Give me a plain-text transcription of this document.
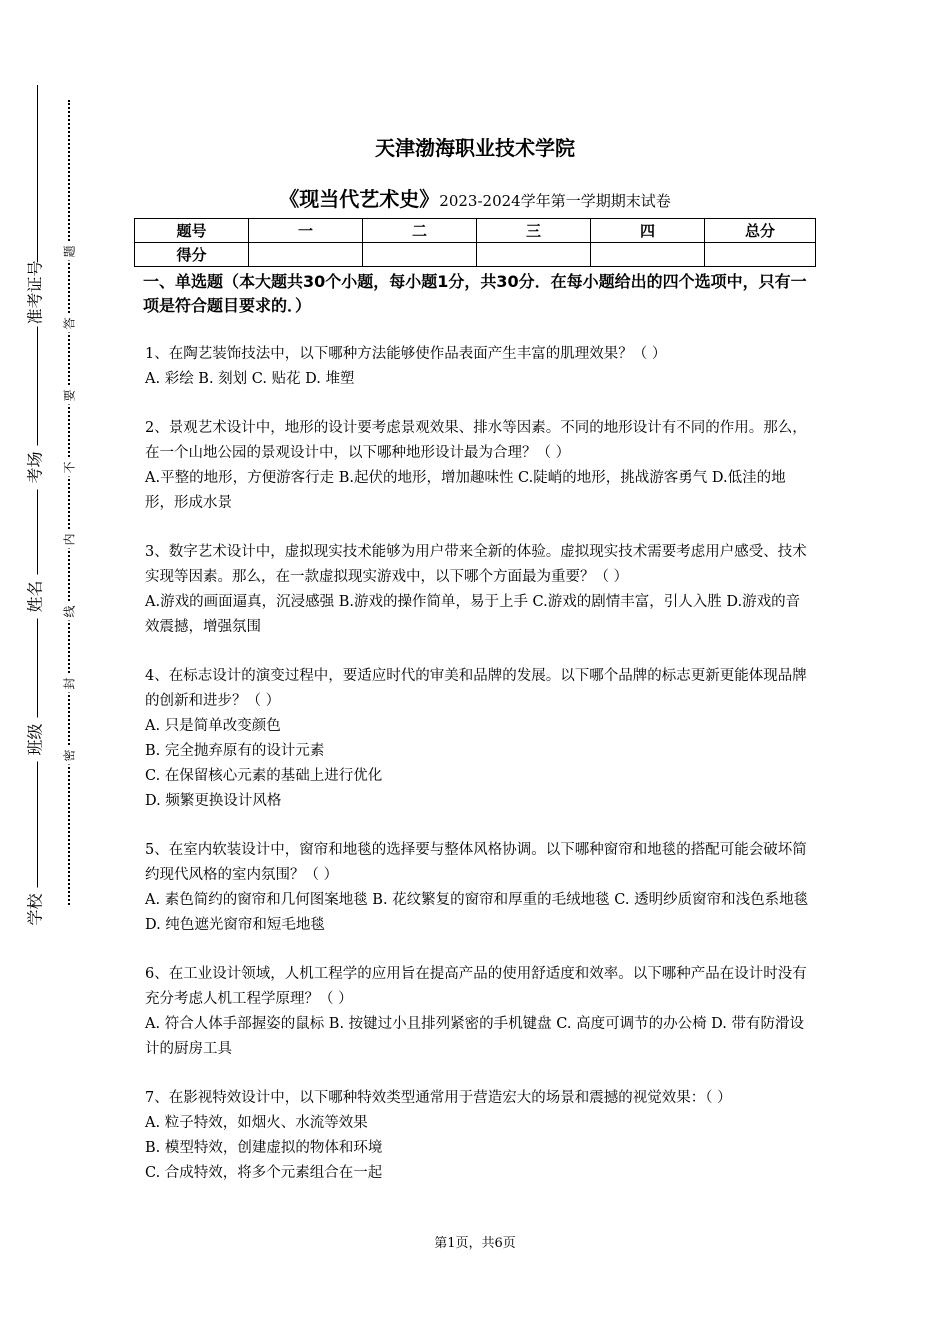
学校
班级
姓名
考场
准考证号
题
答
要
不
内
线
封
密
天津渤海职业技术学院
《现当代艺术史》2023-2024学年第一学期期末试卷
题号	一	二	三	四	总分
得分					
一、单选题（本大题共30个小题，每小题1分，共30分．在每小题给出的四个选项中，只有一项是符合题目要求的．）

1、在陶艺装饰技法中，以下哪种方法能够使作品表面产生丰富的肌理效果？（ ）

A. 彩绘 B. 刻划 C. 贴花 D. 堆塑

2、景观艺术设计中，地形的设计要考虑景观效果、排水等因素。不同的地形设计有不同的作用。那么，在一个山地公园的景观设计中，以下哪种地形设计最为合理？（ ）

A.平整的地形，方便游客行走 B.起伏的地形，增加趣味性 C.陡峭的地形，挑战游客勇气 D.低洼的地形，形成水景

3、数字艺术设计中，虚拟现实技术能够为用户带来全新的体验。虚拟现实技术需要考虑用户感受、技术实现等因素。那么，在一款虚拟现实游戏中，以下哪个方面最为重要？（ ）

A.游戏的画面逼真，沉浸感强 B.游戏的操作简单，易于上手 C.游戏的剧情丰富，引人入胜 D.游戏的音效震撼，增强氛围

4、在标志设计的演变过程中，要适应时代的审美和品牌的发展。以下哪个品牌的标志更新更能体现品牌的创新和进步？（ ）

A. 只是简单改变颜色

B. 完全抛弃原有的设计元素

C. 在保留核心元素的基础上进行优化

D. 频繁更换设计风格

5、在室内软装设计中，窗帘和地毯的选择要与整体风格协调。以下哪种窗帘和地毯的搭配可能会破坏简约现代风格的室内氛围？（ ）

A. 素色简约的窗帘和几何图案地毯 B. 花纹繁复的窗帘和厚重的毛绒地毯 C. 透明纱质窗帘和浅色系地毯 D. 纯色遮光窗帘和短毛地毯

6、在工业设计领域，人机工程学的应用旨在提高产品的使用舒适度和效率。以下哪种产品在设计时没有充分考虑人机工程学原理？（ ）

A. 符合人体手部握姿的鼠标 B. 按键过小且排列紧密的手机键盘 C. 高度可调节的办公椅 D. 带有防滑设计的厨房工具

7、在影视特效设计中，以下哪种特效类型通常用于营造宏大的场景和震撼的视觉效果：（ ）

A. 粒子特效，如烟火、水流等效果

B. 模型特效，创建虚拟的物体和环境

C. 合成特效，将多个元素组合在一起

第1页，共6页
